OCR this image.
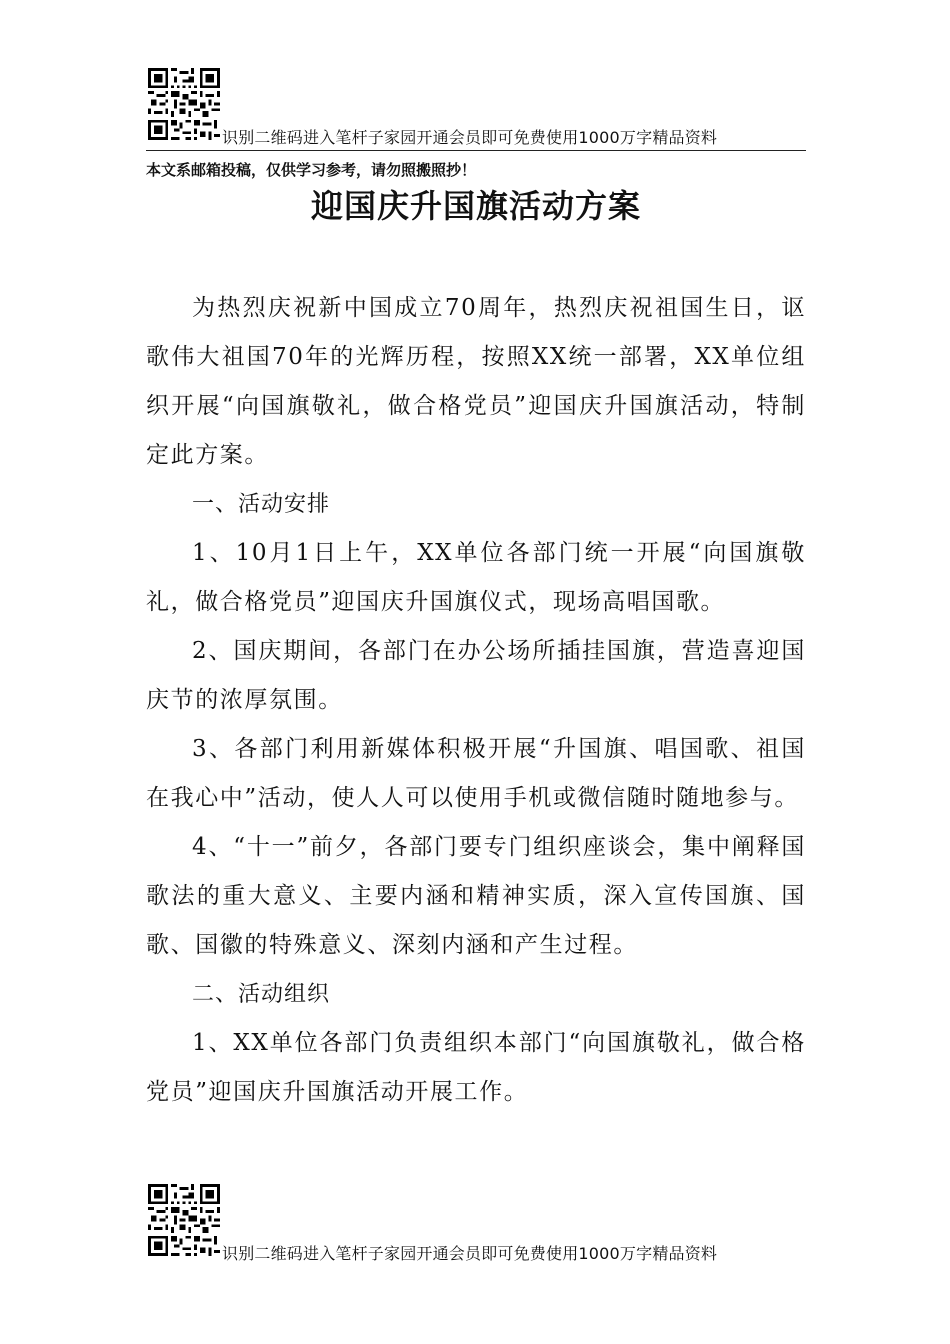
识别二维码进入笔杆子家园开通会员即可免费使用1000万字精品资料
本文系邮箱投稿，仅供学习参考，请勿照搬照抄！
迎国庆升国旗活动方案

为热烈庆祝新中国成立70周年，热烈庆祝祖国生日，讴歌伟大祖国70年的光辉历程，按照XX统一部署，XX单位组织开展“向国旗敬礼，做合格党员”迎国庆升国旗活动，特制定此方案。

一、活动安排

1、10月1日上午，XX单位各部门统一开展“向国旗敬礼，做合格党员”迎国庆升国旗仪式，现场高唱国歌。

2、国庆期间，各部门在办公场所插挂国旗，营造喜迎国庆节的浓厚氛围。

3、各部门利用新媒体积极开展“升国旗、唱国歌、祖国在我心中”活动，使人人可以使用手机或微信随时随地参与。

4、“十一”前夕，各部门要专门组织座谈会，集中阐释国歌法的重大意义、主要内涵和精神实质，深入宣传国旗、国歌、国徽的特殊意义、深刻内涵和产生过程。

二、活动组织

1、XX单位各部门负责组织本部门“向国旗敬礼，做合格党员”迎国庆升国旗活动开展工作。

识别二维码进入笔杆子家园开通会员即可免费使用1000万字精品资料
